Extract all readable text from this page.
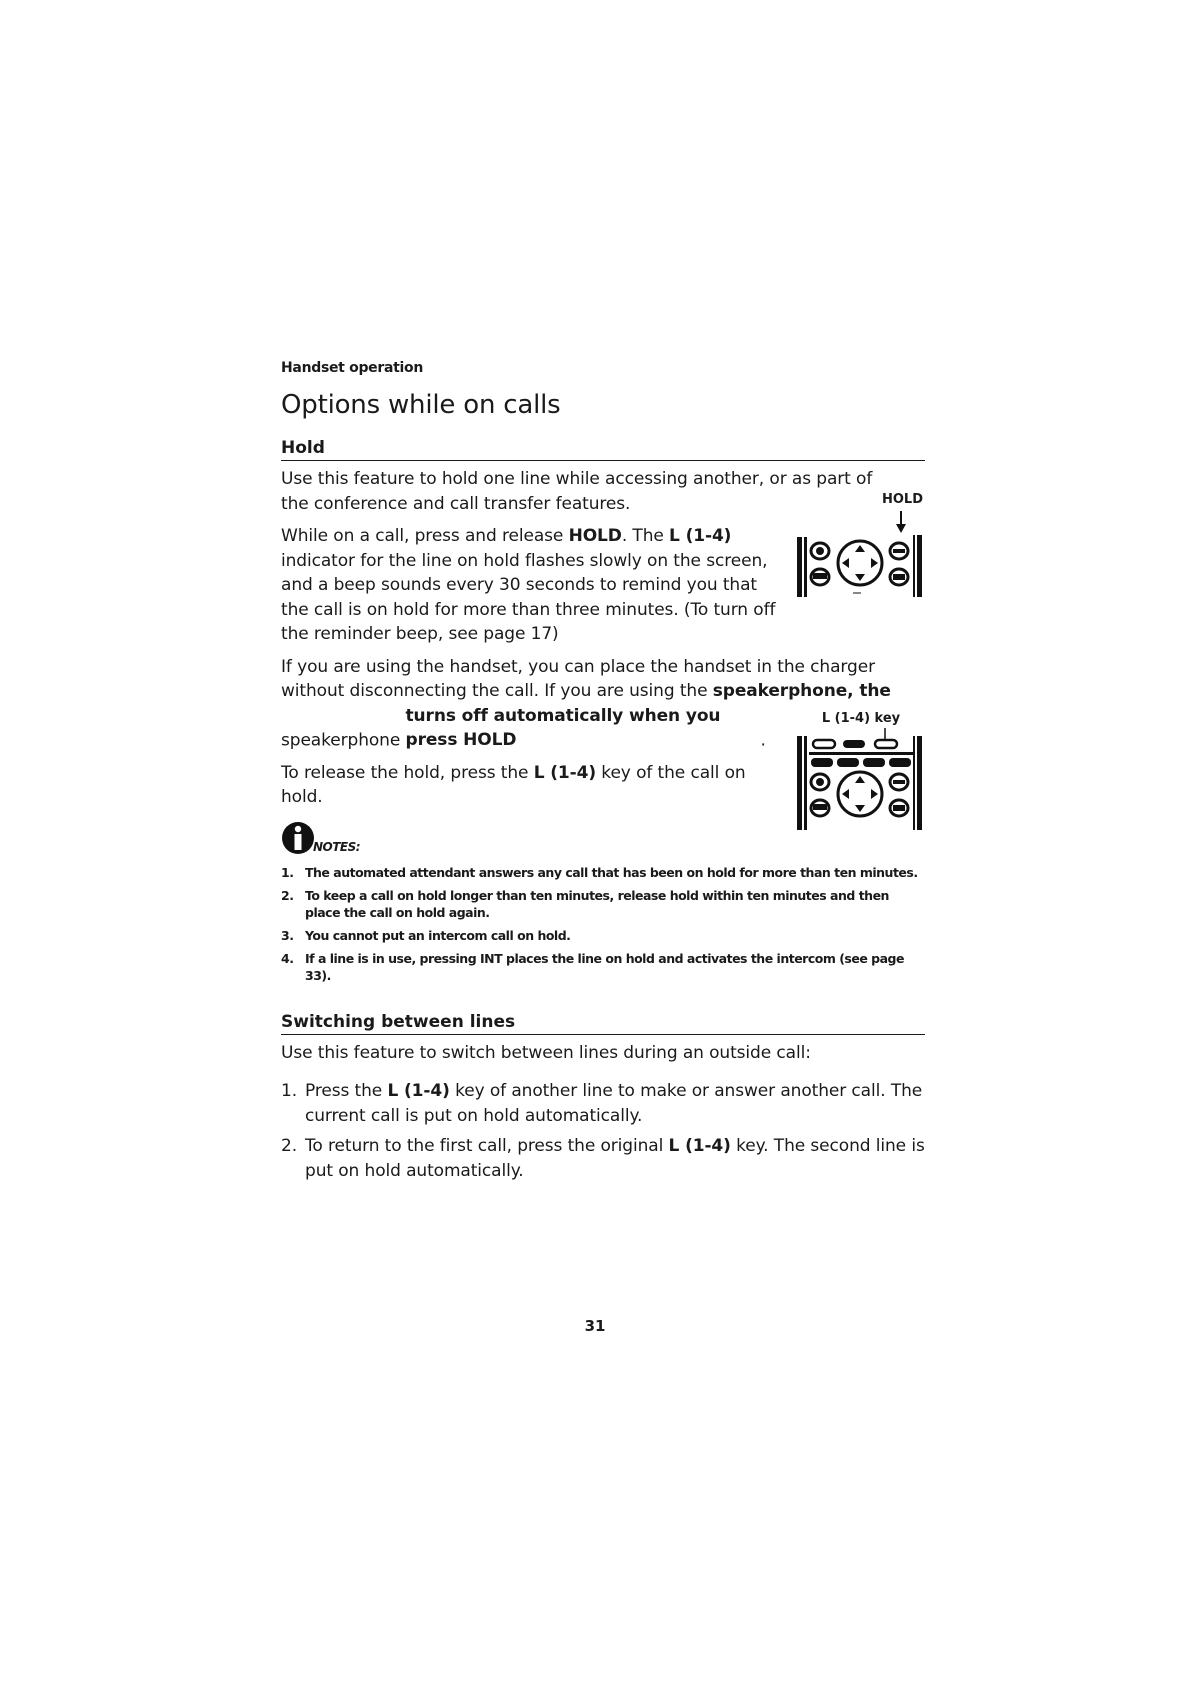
Handset operation
Options while on calls
Hold

Use this feature to hold one line while accessing another, or as part of the conference and call transfer features.

While on a call, press and release HOLD. The L (1-4) indicator for the line on hold flashes slowly on the screen, and a beep sounds every 30 seconds to remind you that the call is on hold for more than three minutes. (To turn off the reminder beep, see page 17)

HOLD

If you are using the handset, you can place the handset in the charger without disconnecting the call. If you are using the speakerphone, the speakerphone turns off automatically when you press HOLD	.

To release the hold, press the L (1-4) key of the call on hold.

L (1-4) key
NOTES:
1. The automated attendant answers any call that has been on hold for more than ten minutes.
2. To keep a call on hold longer than ten minutes, release hold within ten minutes and then place the call on hold again.
3. You cannot put an intercom call on hold.
4. If a line is in use, pressing INT places the line on hold and activates the intercom (see page 33).
Switching between lines

Use this feature to switch between lines during an outside call:

1. Press the L (1-4) key of another line to make or answer another call. The current call is put on hold automatically.
2. To return to the first call, press the original L (1-4) key. The second line is put on hold automatically.
31
